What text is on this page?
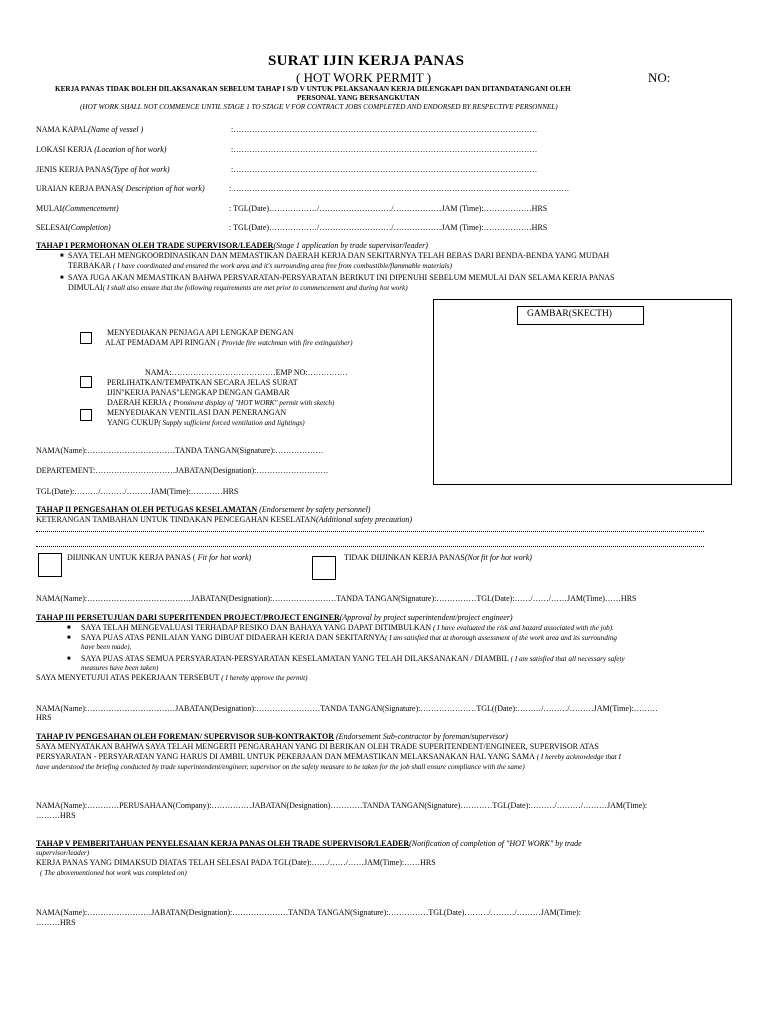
SURAT IJIN KERJA PANAS
( HOT WORK PERMIT )	NO:
KERJA PANAS TIDAK BOLEH DILAKSANAKAN SEBELUM TAHAP I S/D V UNTUK PELAKSANAAN KERJA DILENGKAPI DAN DITANDATANGANI OLEH
PERSONAL YANG BERSANGKUTAN
(HOT WORK SHALL NOT COMMENCE UNTIL STAGE 1 TO STAGE V FOR CONTRACT JOBS COMPLETED AND ENDORSED BY RESPECTIVE PERSONNEL)
NAMA KAPAL(Name of vessel )	:……………………………………………………………………………………………………
LOKASI KERJA (Location of hot work)	:……………………………………………………………………………………………………
JENIS KERJA PANAS(Type of hot work)	:……………………………………………………………………………………………………
URAIAN KERJA PANAS( Description of hot work)	: ………………………………………………………………………………………………………………
MULAI(Commencement)	: TGL(Date)………………/………………………/………………JAM (Time):………………HRS
SELESAI(Completion)	: TGL(Date)………………/………………………/………………JAM (Time):………………HRS
TAHAP I PERMOHONAN OLEH TRADE SUPERVISOR/LEADER(Stage 1 application by trade supervisor/leader)
■ SAYA TELAH MENGKOORDINASIKAN DAN MEMASTIKAN DAERAH KERJA DAN SEKITARNYA TELAH BEBAS DARI BENDA-BENDA YANG MUDAH
TERBAKAR ( I have coordinated and ensured the work area and it's surrounding area free from combustible/flammable materials)
■ SAYA JUGA AKAN MEMASTIKAN BAHWA PERSYARATAN-PERSYARATAN BERIKUT INI DIPENUHI SEBELUM MEMULAI DAN SELAMA KERJA PANAS
DIMULAI( I shall also ensure that the following requirements are met prior to commencement and during hot work)
GAMBAR(SKECTH)
MENYEDIAKAN PENJAGA API LENGKAP DENGAN
ALAT PEMADAM API RINGAN ( Provide fire watchman with fire extinguisher)
NAMA:…………………………………EMP NO:……………
PERLIHATKAN/TEMPATKAN SECARA JELAS SURAT
IJIN"KERJA PANAS"LENGKAP DENGAN GAMBAR
DAERAH KERJA ( Prominent display of "HOT WORK" permit with sketch)
MENYEDIAKAN VENTILASI DAN PENERANGAN
YANG CUKUP( Supply sufficient forced ventilation and lightings)
NAMA(Name):……………………………TANDA TANGAN(Signature):………………
DEPARTEMENT:…………………………JABATAN(Designation):………………………
TGL(Date):………/………/………JAM(Time):…………HRS
TAHAP II PENGESAHAN OLEH PETUGAS KESELAMATAN (Endorsement by safety personnel)
KETERANGAN TAMBAHAN UNTUK TINDAKAN PENCEGAHAN KESELATAN(Additional safety precaution)
DIIJINKAN UNTUK KERJA PANAS ( Fit for hot work)	TIDAK DIIJINKAN KERJA PANAS(Not fit for hot work)
NAMA(Name):…………………………………JABATAN(Designation):……………………TANDA TANGAN(Signature):……………TGL(Date):……/……/……JAM(Time)……HRS
TAHAP III PERSETUJUAN DARI SUPERITENDEN PROJECT/PROJECT ENGINER(Approval by project superintendent/project engineer)
■ SAYA TELAH MENGEVALUASI TERHADAP RESIKO DAN BAHAYA YANG DAPAT DITIMBULKAN ( I have evaluated the risk and hazard associated with the job).
■ SAYA PUAS ATAS PENILAIAN YANG DIBUAT DIDAERAH KERJA DAN SEKITARNYA( I am satisfied that at thorough assessment of the work area and its surrounding
have been made).
■ SAYA PUAS ATAS SEMUA PERSYARATAN-PERSYARATAN KESELAMATAN YANG TELAH DILAKSANAKAN / DIAMBIL ( I am satisfied that all necessary safety
measures have been taken)
SAYA MENYETUJUI ATAS PEKERJAAN TERSEBUT ( I hereby approve the permit)
NAMA(Name):……………………………JABATAN(Designation):……………………TANDA TANGAN(Signature):…………………TGL((Date):………/………/………JAM(Time):………
HRS
TAHAP IV PENGESAHAN OLEH FOREMAN/ SUPERVISOR SUB-KONTRAKTOR (Endorsement Sub-contractor by foreman/supervisor)
SAYA MENYATAKAN BAHWA SAYA TELAH MENGERTI PENGARAHAN YANG DI BERIKAN OLEH TRADE SUPERITENDENT/ENGINEER, SUPERVISOR ATAS
PERSYARATAN - PERSYARATAN YANG HARUS DI AMBIL UNTUK PEKERJAAN DAN MEMASTIKAN MELAKSANAKAN HAL YANG SAMA ( I hereby acknowledge that I
have understood the briefing conducted by trade superintendent/engineer, supervisor on the safety measure to be taken for the job shall ensure compliance with the same)
NAMA(Name):…………PERUSAHAAN(Company):……………JABATAN(Designation)…………TANDA TANGAN(Signature)…………TGL(Date):………/………/………JAM(Time):
………HRS
TAHAP V PEMBERITAHUAN PENYELESAIAN KERJA PANAS OLEH TRADE SUPERVISOR/LEADER(Notification of completion of "HOT WORK" by trade
supervisor/leader)
KERJA PANAS YANG DIMAKSUD DIATAS TELAH SELESAI PADA TGL(Date):……/……/……JAM(Time):……HRS
( The abovementioned hot work was completed on)
NAMA(Name):……………………JABATAN(Designation):…………………TANDA TANGAN(Signature):……………TGL(Date)………/………/………JAM(Time):
………HRS
